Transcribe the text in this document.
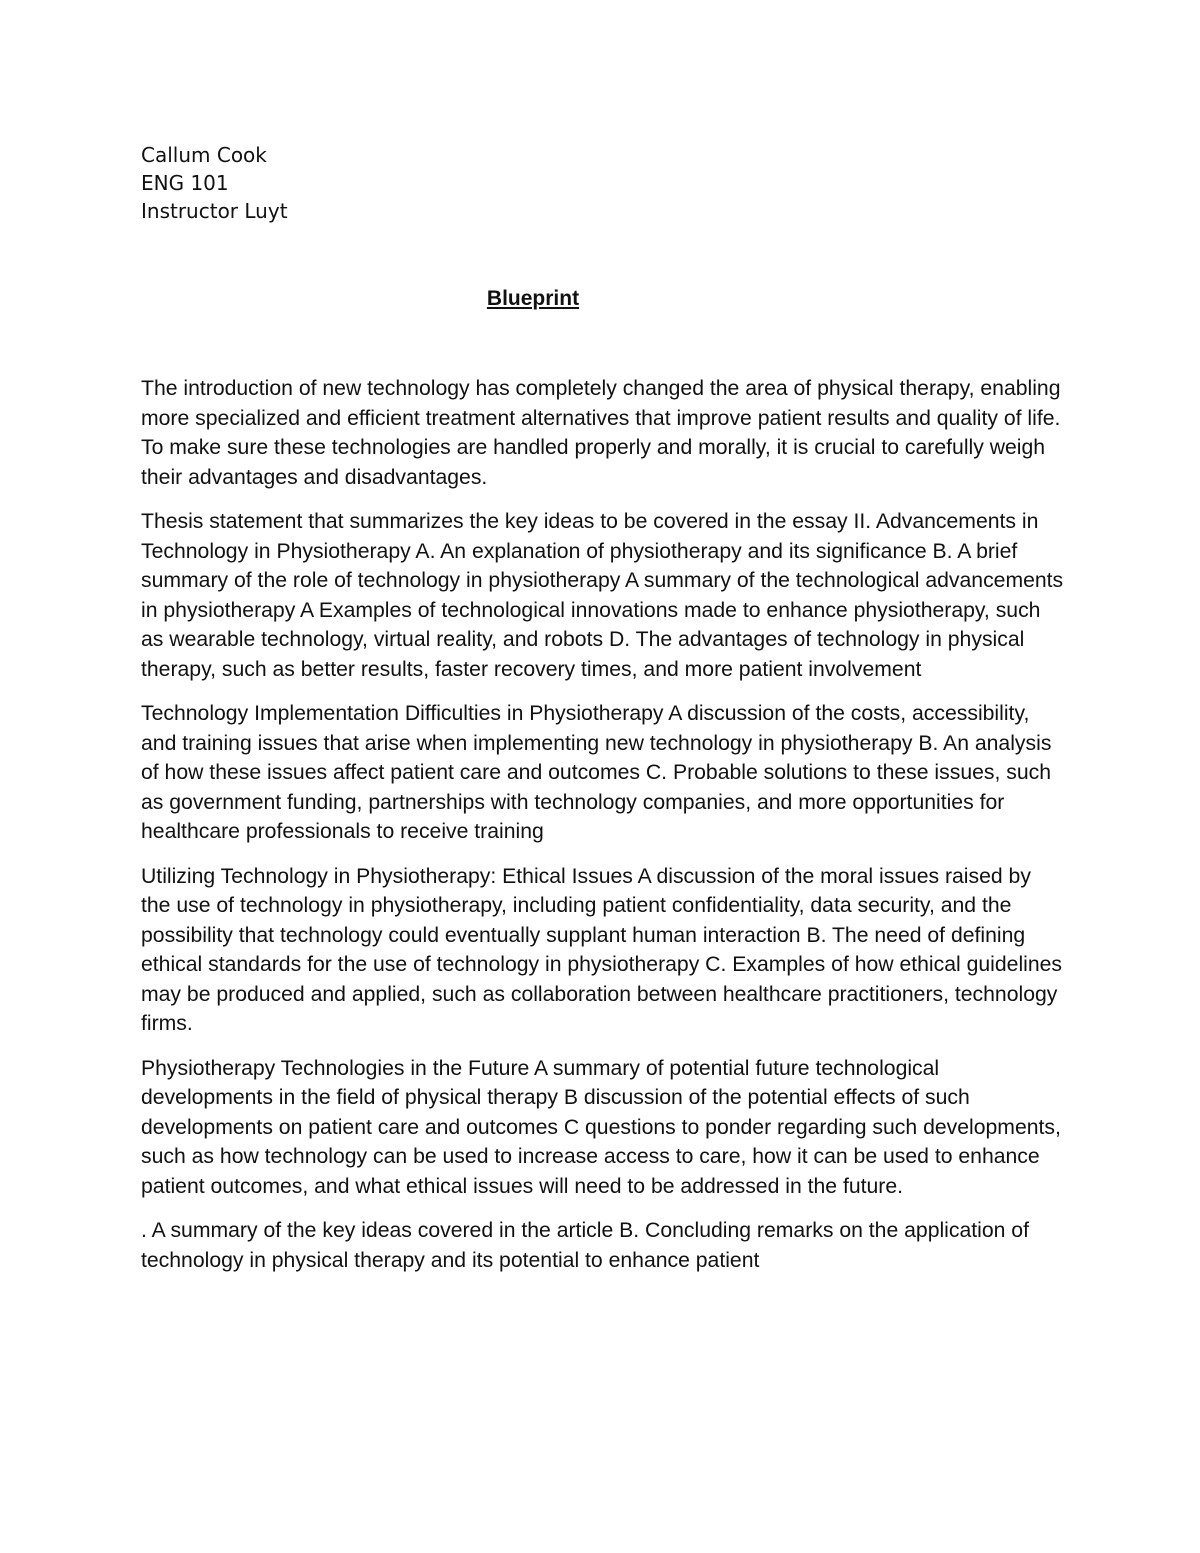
Callum Cook
ENG 101
Instructor Luyt
Blueprint

The introduction of new technology has completely changed the area of physical therapy, enabling more specialized and efficient treatment alternatives that improve patient results and quality of life. To make sure these technologies are handled properly and morally, it is crucial to carefully weigh their advantages and disadvantages.

Thesis statement that summarizes the key ideas to be covered in the essay II. Advancements in Technology in Physiotherapy A. An explanation of physiotherapy and its significance B. A brief summary of the role of technology in physiotherapy A summary of the technological advancements in physiotherapy A Examples of technological innovations made to enhance physiotherapy, such as wearable technology, virtual reality, and robots D. The advantages of technology in physical therapy, such as better results, faster recovery times, and more patient involvement

Technology Implementation Difficulties in Physiotherapy A discussion of the costs, accessibility, and training issues that arise when implementing new technology in physiotherapy B. An analysis of how these issues affect patient care and outcomes C. Probable solutions to these issues, such as government funding, partnerships with technology companies, and more opportunities for healthcare professionals to receive training

Utilizing Technology in Physiotherapy: Ethical Issues A discussion of the moral issues raised by the use of technology in physiotherapy, including patient confidentiality, data security, and the possibility that technology could eventually supplant human interaction B. The need of defining ethical standards for the use of technology in physiotherapy C. Examples of how ethical guidelines may be produced and applied, such as collaboration between healthcare practitioners, technology firms.

Physiotherapy Technologies in the Future A summary of potential future technological developments in the field of physical therapy B discussion of the potential effects of such developments on patient care and outcomes C questions to ponder regarding such developments, such as how technology can be used to increase access to care, how it can be used to enhance patient outcomes, and what ethical issues will need to be addressed in the future.

. A summary of the key ideas covered in the article B. Concluding remarks on the application of technology in physical therapy and its potential to enhance patient
